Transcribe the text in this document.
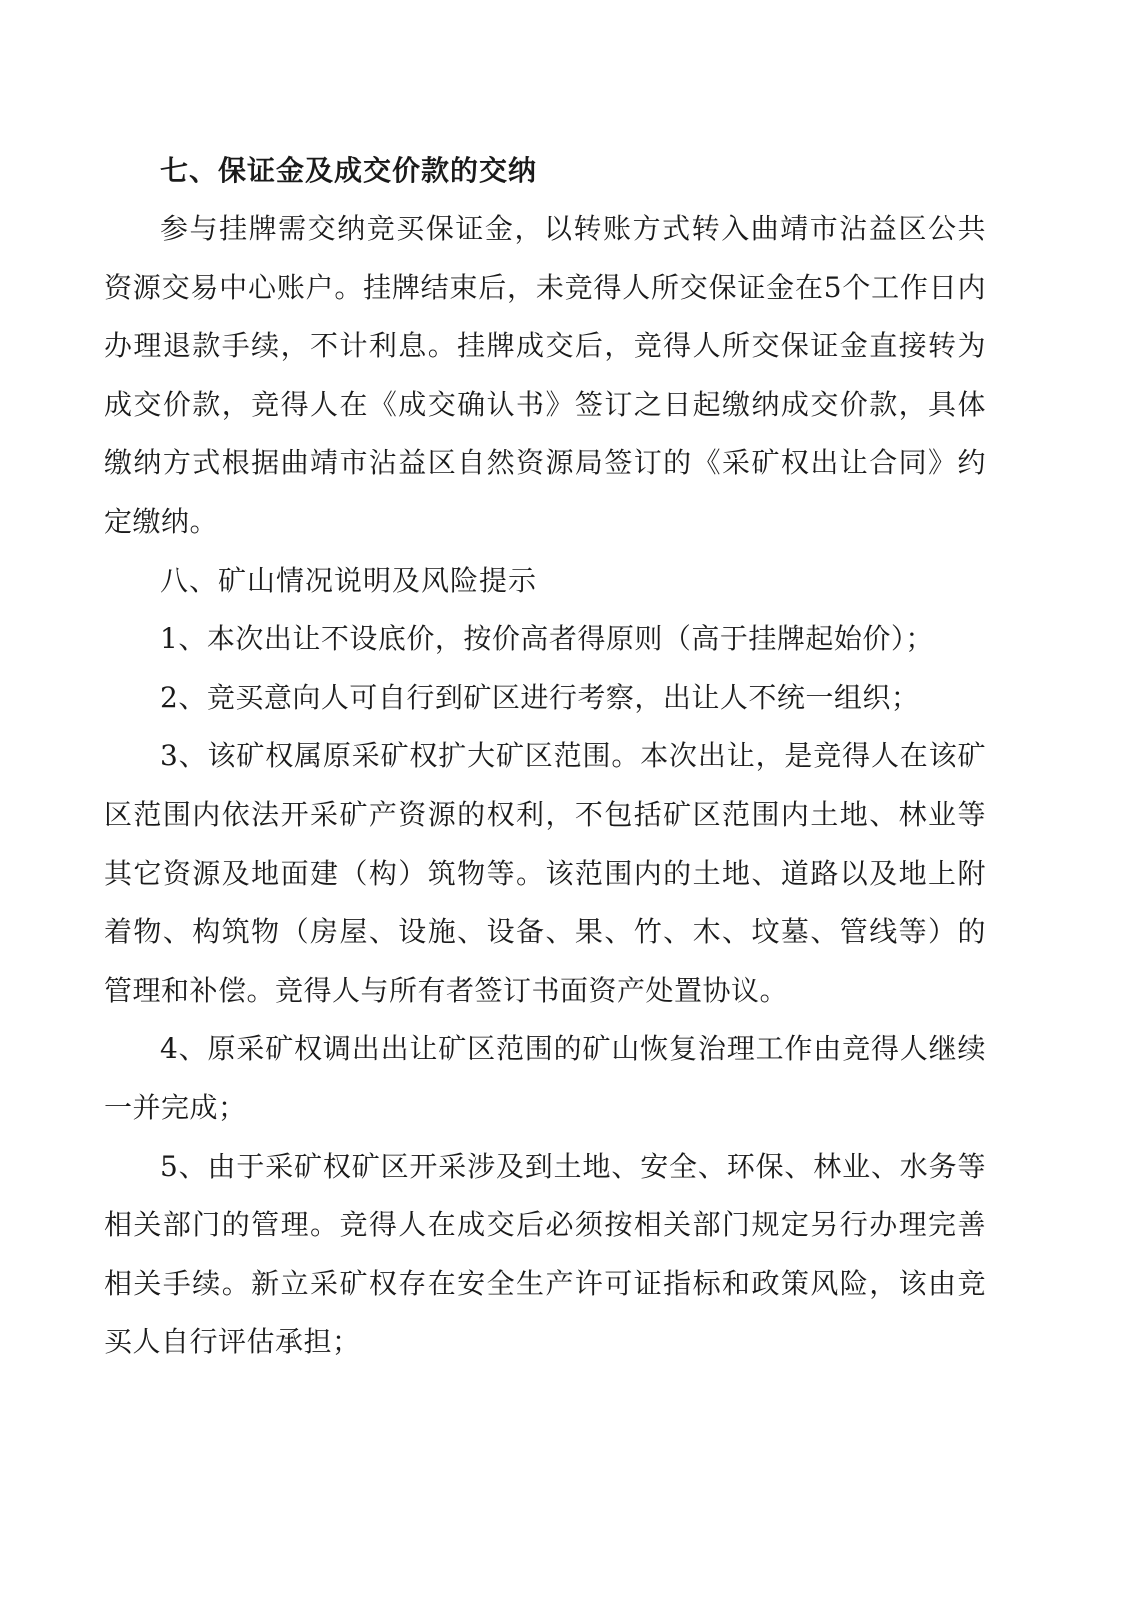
七、保证金及成交价款的交纳

参与挂牌需交纳竞买保证金，以转账方式转入曲靖市沾益区公共资源交易中心账户。挂牌结束后，未竞得人所交保证金在5个工作日内办理退款手续，不计利息。挂牌成交后，竞得人所交保证金直接转为成交价款，竞得人在《成交确认书》签订之日起缴纳成交价款，具体缴纳方式根据曲靖市沾益区自然资源局签订的《采矿权出让合同》约定缴纳。

八、矿山情况说明及风险提示

1、本次出让不设底价，按价高者得原则（高于挂牌起始价）；

2、竞买意向人可自行到矿区进行考察，出让人不统一组织；

3、该矿权属原采矿权扩大矿区范围。本次出让，是竞得人在该矿区范围内依法开采矿产资源的权利，不包括矿区范围内土地、林业等其它资源及地面建（构）筑物等。该范围内的土地、道路以及地上附着物、构筑物（房屋、设施、设备、果、竹、木、坟墓、管线等）的管理和补偿。竞得人与所有者签订书面资产处置协议。

4、原采矿权调出出让矿区范围的矿山恢复治理工作由竞得人继续一并完成；

5、由于采矿权矿区开采涉及到土地、安全、环保、林业、水务等相关部门的管理。竞得人在成交后必须按相关部门规定另行办理完善相关手续。新立采矿权存在安全生产许可证指标和政策风险，该由竞买人自行评估承担；
